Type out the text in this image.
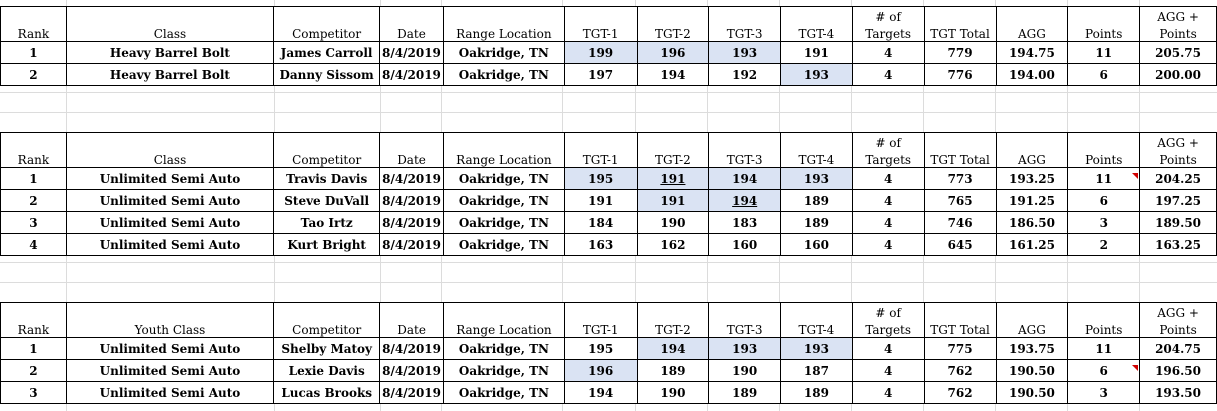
									# of				AGG +
Rank	Class	Competitor	Date	Range Location	TGT-1	TGT-2	TGT-3	TGT-4	Targets	TGT Total	AGG	Points	Points
1	Heavy Barrel Bolt	James Carroll	8/4/2019	Oakridge, TN	199	196	193	191	4	779	194.75	11	205.75
2	Heavy Barrel Bolt	Danny Sissom	8/4/2019	Oakridge, TN	197	194	192	193	4	776	194.00	6	200.00
									# of				AGG +
Rank	Class	Competitor	Date	Range Location	TGT-1	TGT-2	TGT-3	TGT-4	Targets	TGT Total	AGG	Points	Points
1	Unlimited Semi Auto	Travis Davis	8/4/2019	Oakridge, TN	195	191	194	193	4	773	193.25	11	204.25
2	Unlimited Semi Auto	Steve DuVall	8/4/2019	Oakridge, TN	191	191	194	189	4	765	191.25	6	197.25
3	Unlimited Semi Auto	Tao Irtz	8/4/2019	Oakridge, TN	184	190	183	189	4	746	186.50	3	189.50
4	Unlimited Semi Auto	Kurt Bright	8/4/2019	Oakridge, TN	163	162	160	160	4	645	161.25	2	163.25
									# of				AGG +
Rank	Youth Class	Competitor	Date	Range Location	TGT-1	TGT-2	TGT-3	TGT-4	Targets	TGT Total	AGG	Points	Points
1	Unlimited Semi Auto	Shelby Matoy	8/4/2019	Oakridge, TN	195	194	193	193	4	775	193.75	11	204.75
2	Unlimited Semi Auto	Lexie Davis	8/4/2019	Oakridge, TN	196	189	190	187	4	762	190.50	6	196.50
3	Unlimited Semi Auto	Lucas Brooks	8/4/2019	Oakridge, TN	194	190	189	189	4	762	190.50	3	193.50
